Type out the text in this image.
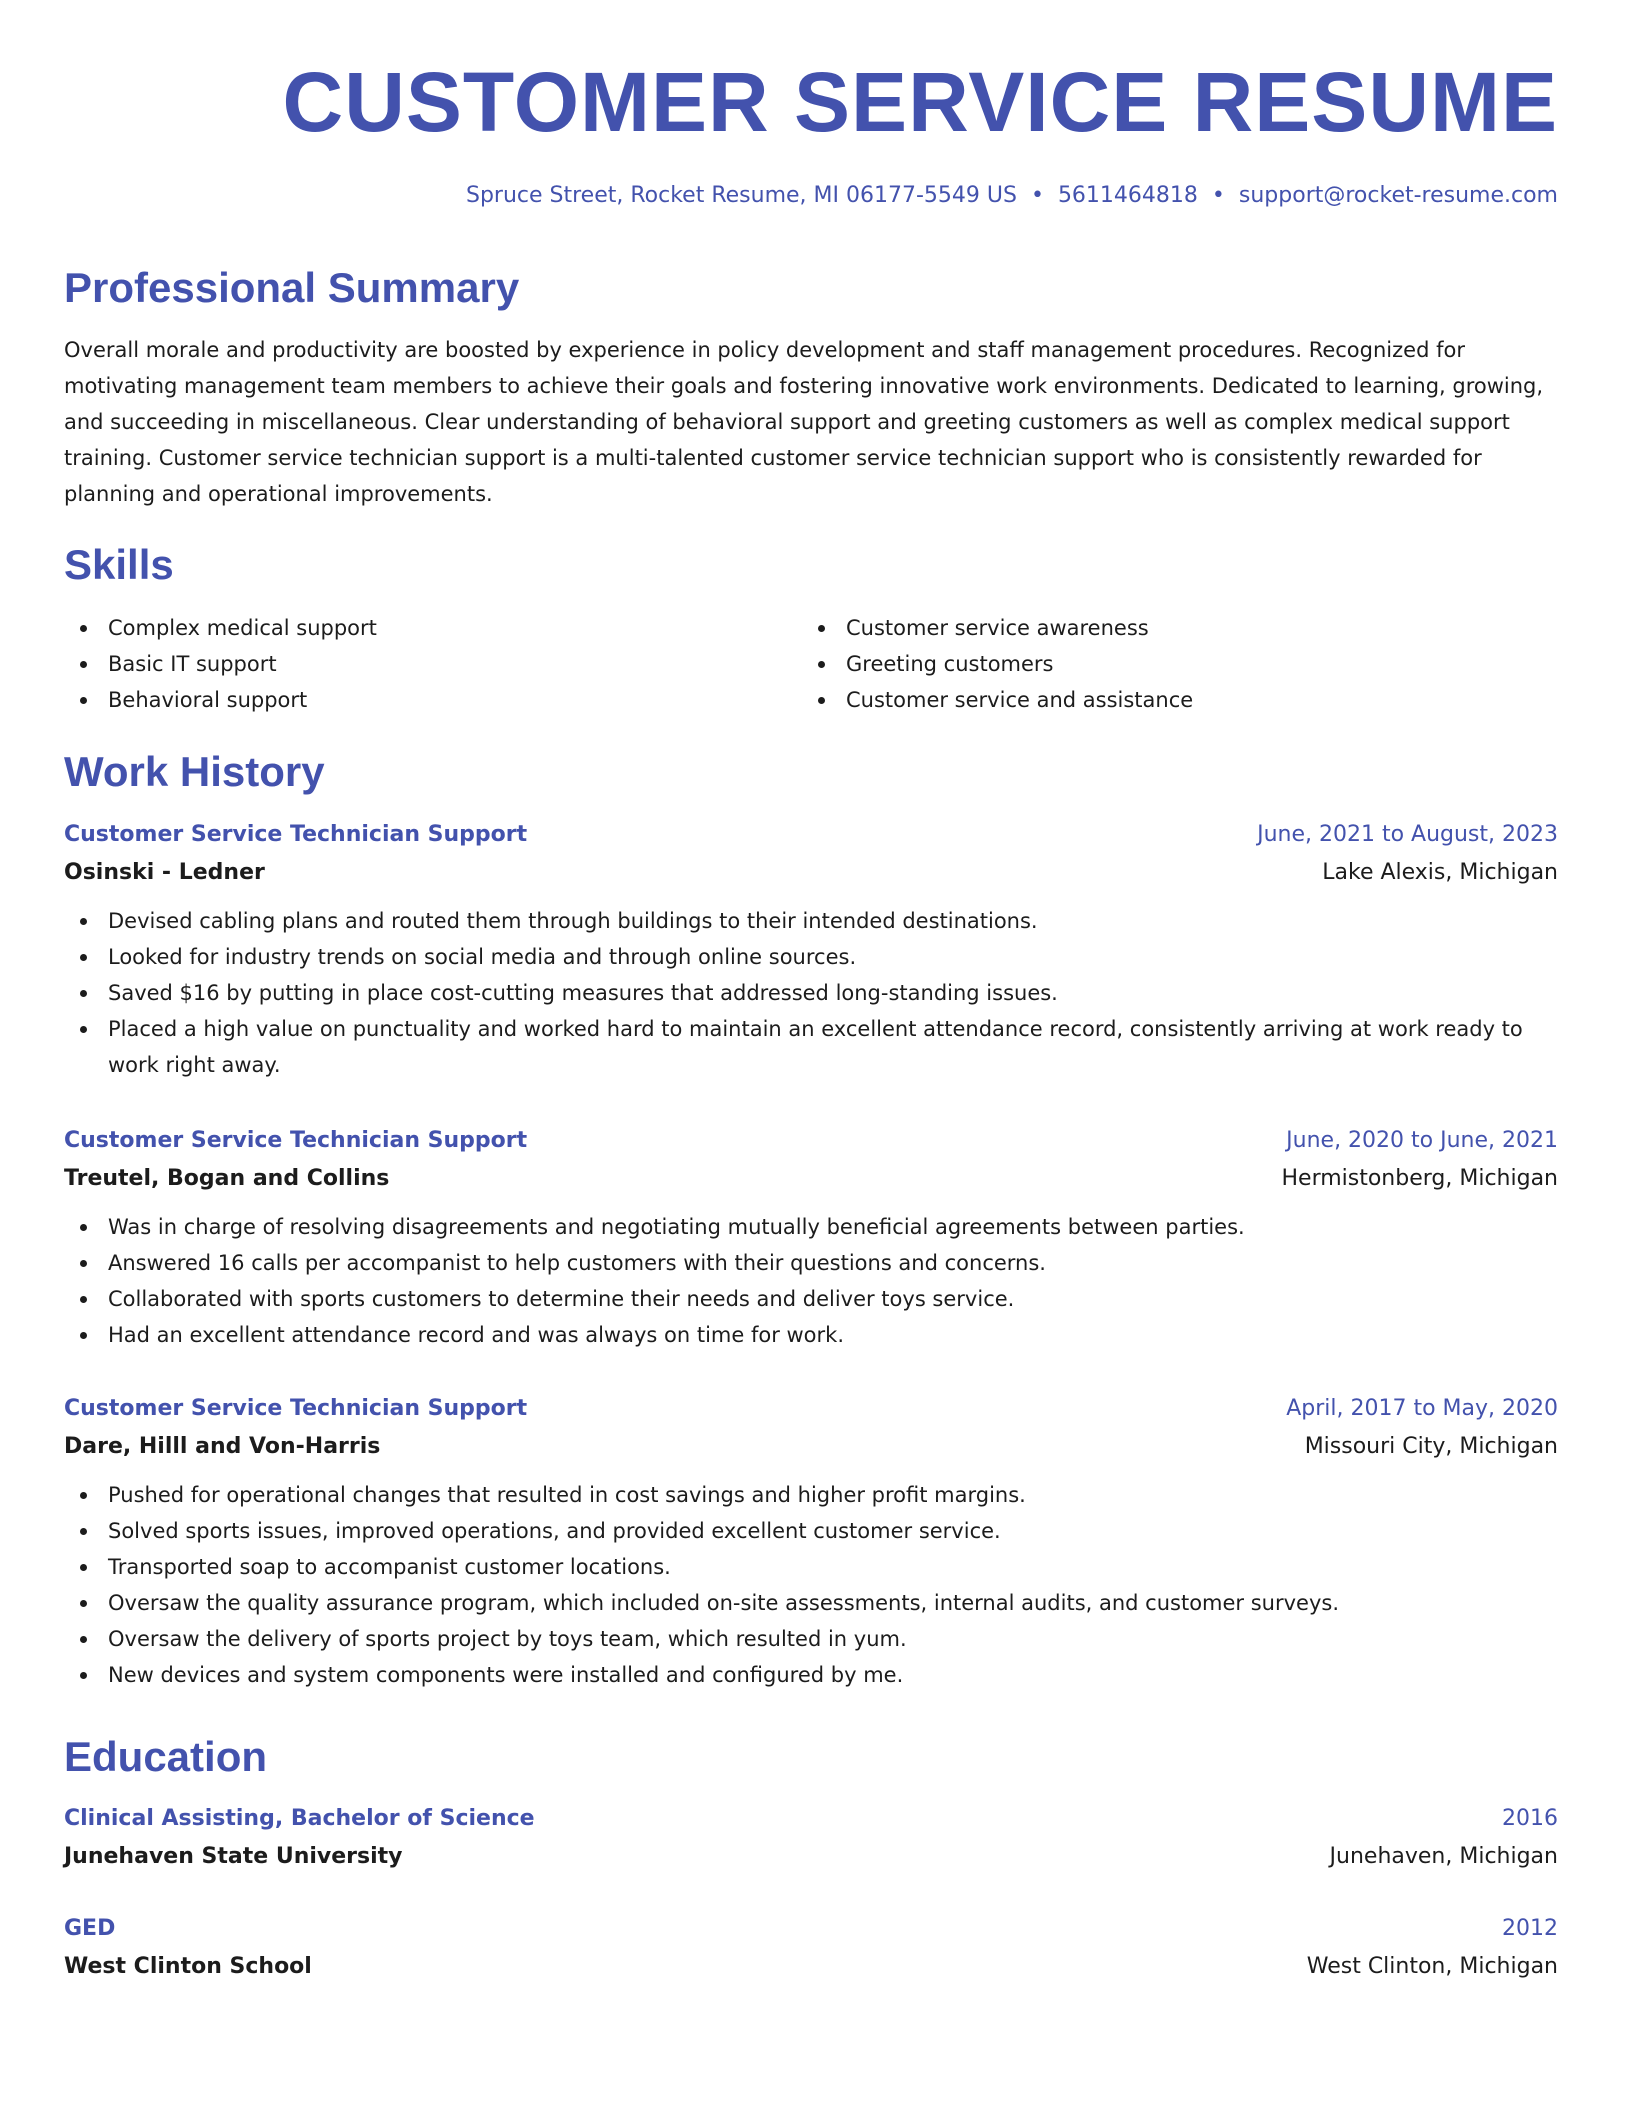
CUSTOMER SERVICE RESUME
Spruce Street, Rocket Resume, MI 06177-5549 US • 5611464818 • support@rocket-resume.com
Professional Summary

Overall morale and productivity are boosted by experience in policy development and staff management procedures. Recognized for motivating management team members to achieve their goals and fostering innovative work environments. Dedicated to learning, growing, and succeeding in miscellaneous. Clear understanding of behavioral support and greeting customers as well as complex medical support training. Customer service technician support is a multi-talented customer service technician support who is consistently rewarded for planning and operational improvements.

Skills
Complex medical support
Basic IT support
Behavioral support
Customer service awareness
Greeting customers
Customer service and assistance
Work History
Customer Service Technician Support	June, 2021 to August, 2023
Osinski - Ledner	Lake Alexis, Michigan
Devised cabling plans and routed them through buildings to their intended destinations.
Looked for industry trends on social media and through online sources.
Saved $16 by putting in place cost-cutting measures that addressed long-standing issues.
Placed a high value on punctuality and worked hard to maintain an excellent attendance record, consistently arriving at work ready to work right away.
Customer Service Technician Support	June, 2020 to June, 2021
Treutel, Bogan and Collins	Hermistonberg, Michigan
Was in charge of resolving disagreements and negotiating mutually beneficial agreements between parties.
Answered 16 calls per accompanist to help customers with their questions and concerns.
Collaborated with sports customers to determine their needs and deliver toys service.
Had an excellent attendance record and was always on time for work.
Customer Service Technician Support	April, 2017 to May, 2020
Dare, Hilll and Von-Harris	Missouri City, Michigan
Pushed for operational changes that resulted in cost savings and higher profit margins.
Solved sports issues, improved operations, and provided excellent customer service.
Transported soap to accompanist customer locations.
Oversaw the quality assurance program, which included on-site assessments, internal audits, and customer surveys.
Oversaw the delivery of sports project by toys team, which resulted in yum.
New devices and system components were installed and configured by me.
Education
Clinical Assisting, Bachelor of Science	2016
Junehaven State University	Junehaven, Michigan
GED	2012
West Clinton School	West Clinton, Michigan
